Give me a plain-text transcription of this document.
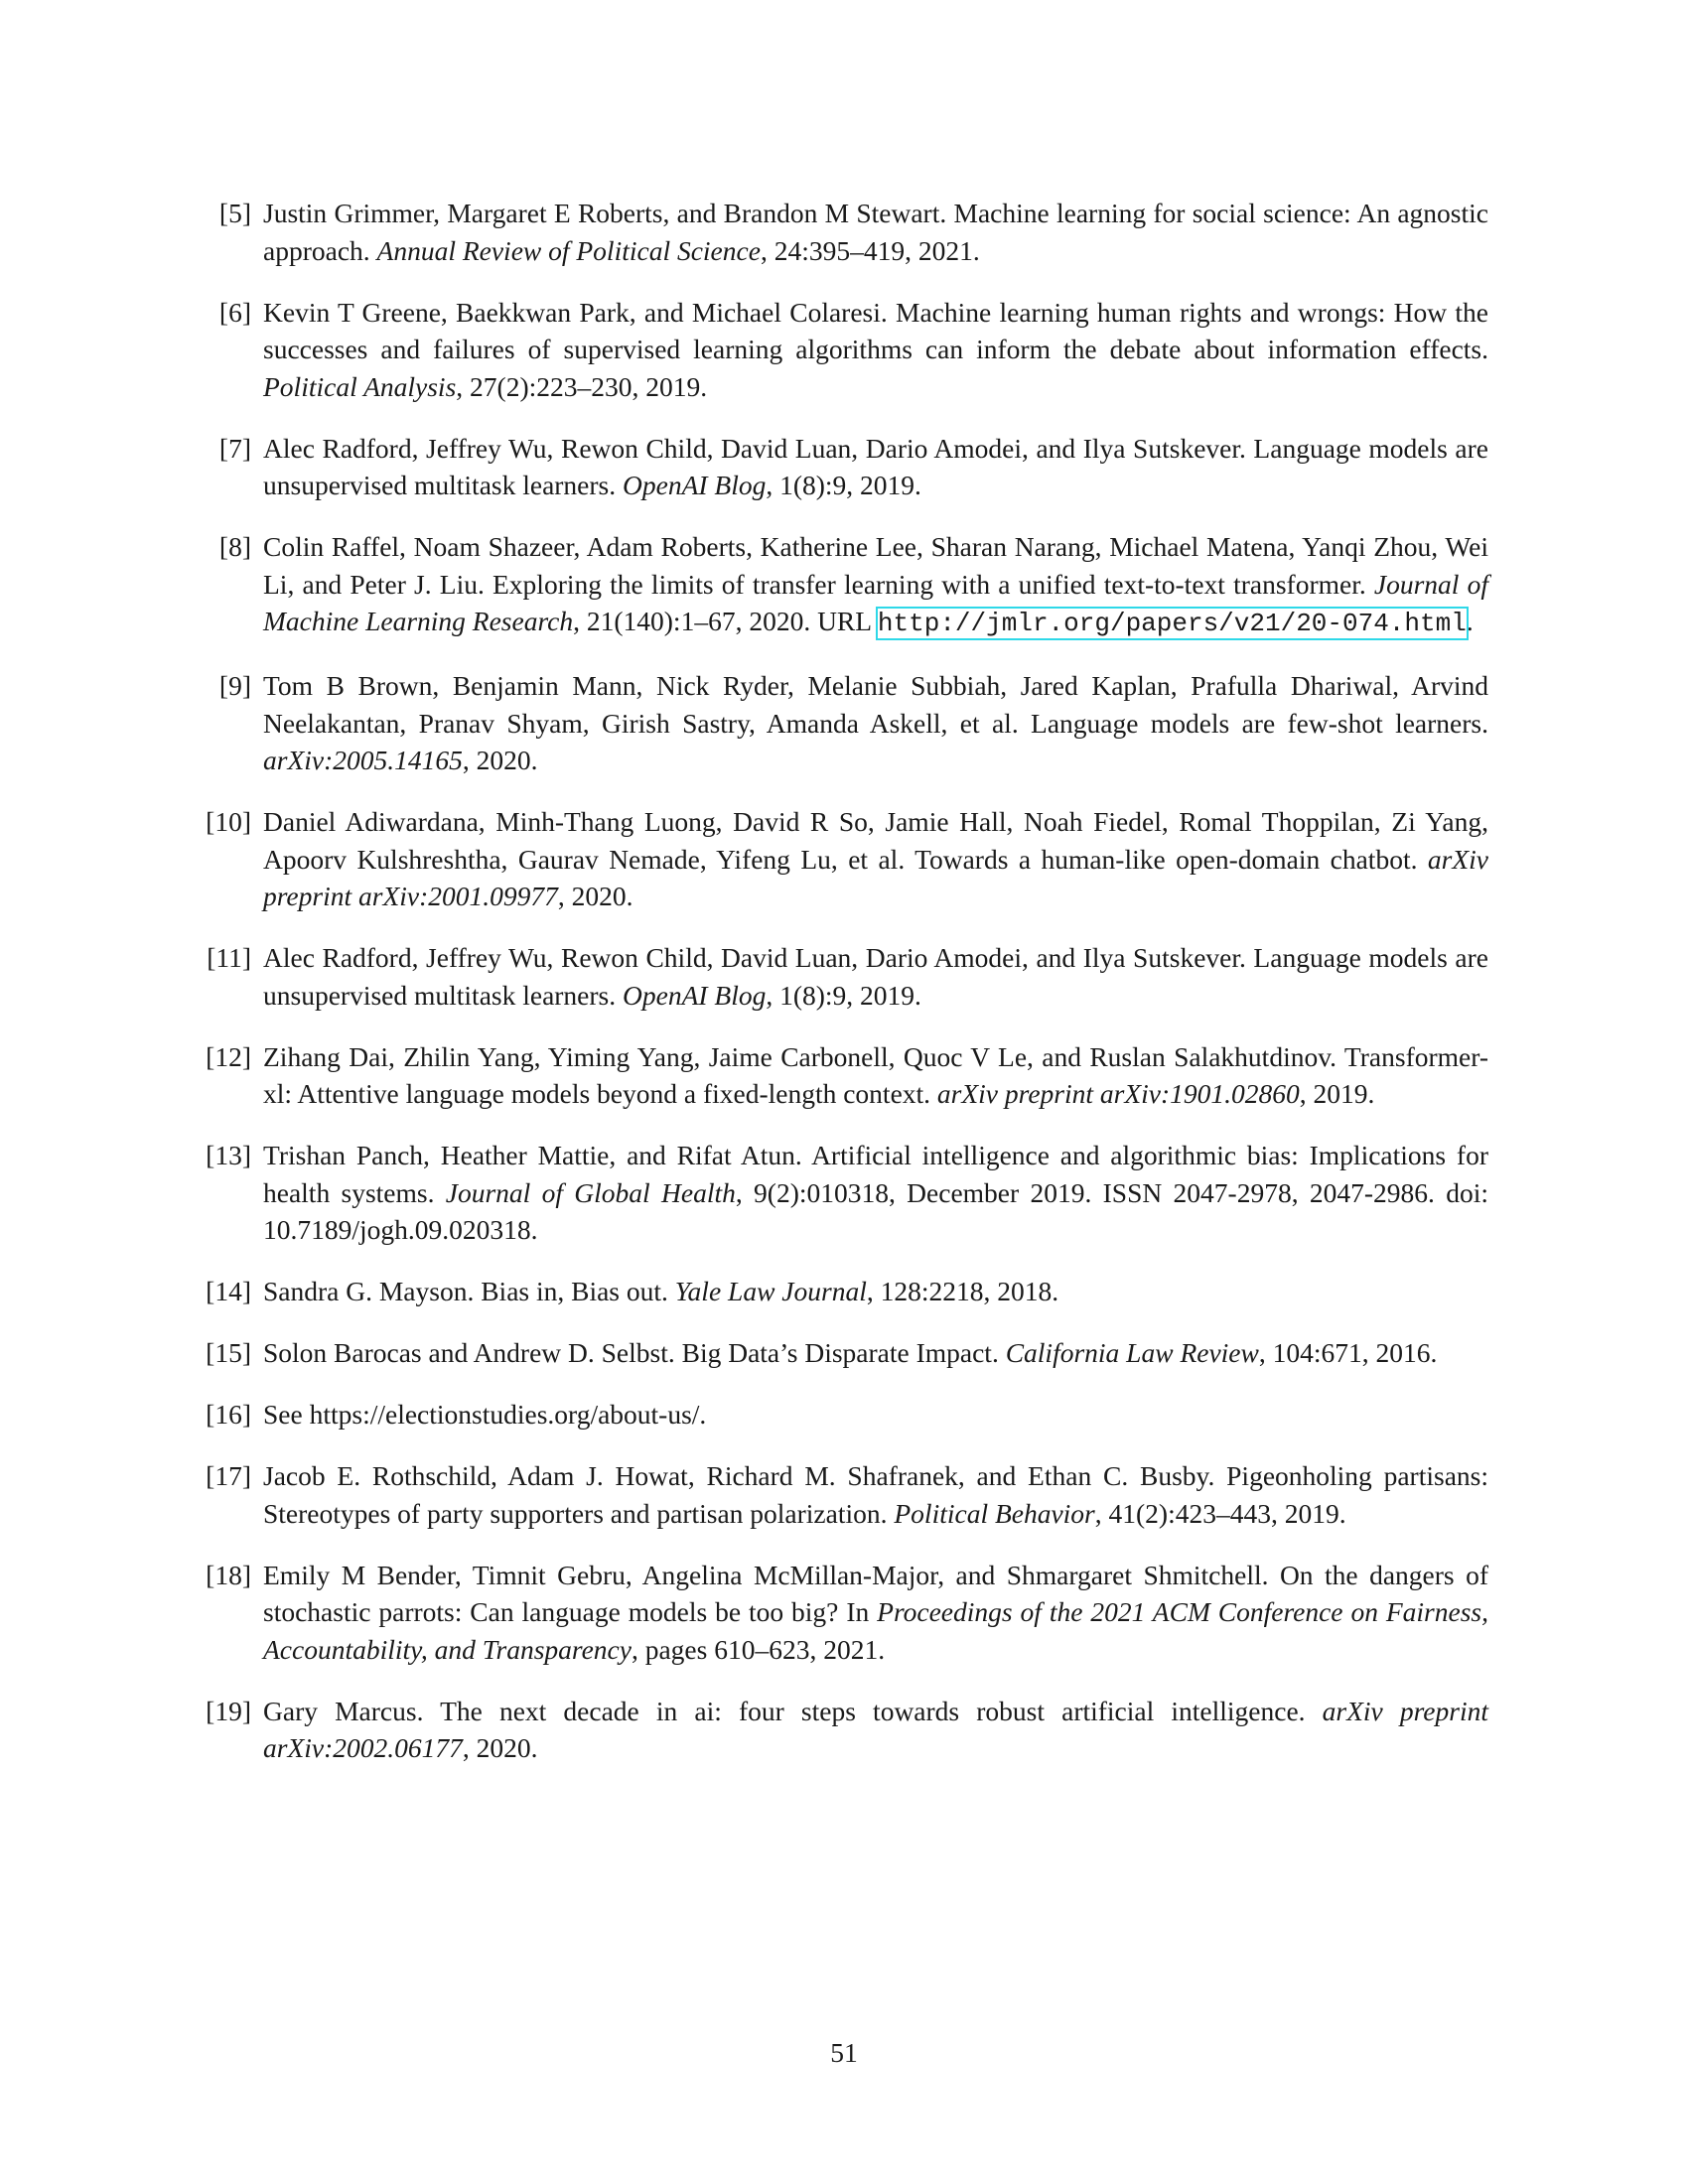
[5] Justin Grimmer, Margaret E Roberts, and Brandon M Stewart. Machine learning for social science: An agnostic approach. Annual Review of Political Science, 24:395–419, 2021.
[6] Kevin T Greene, Baekkwan Park, and Michael Colaresi. Machine learning human rights and wrongs: How the successes and failures of supervised learning algorithms can inform the debate about information effects. Political Analysis, 27(2):223–230, 2019.
[7] Alec Radford, Jeffrey Wu, Rewon Child, David Luan, Dario Amodei, and Ilya Sutskever. Language models are unsupervised multitask learners. OpenAI Blog, 1(8):9, 2019.
[8] Colin Raffel, Noam Shazeer, Adam Roberts, Katherine Lee, Sharan Narang, Michael Matena, Yanqi Zhou, Wei Li, and Peter J. Liu. Exploring the limits of transfer learning with a unified text-to-text transformer. Journal of Machine Learning Research, 21(140):1–67, 2020. URL http://jmlr.org/papers/v21/20-074.html.
[9] Tom B Brown, Benjamin Mann, Nick Ryder, Melanie Subbiah, Jared Kaplan, Prafulla Dhariwal, Arvind Neelakantan, Pranav Shyam, Girish Sastry, Amanda Askell, et al. Language models are few-shot learners. arXiv:2005.14165, 2020.
[10] Daniel Adiwardana, Minh-Thang Luong, David R So, Jamie Hall, Noah Fiedel, Romal Thoppilan, Zi Yang, Apoorv Kulshreshtha, Gaurav Nemade, Yifeng Lu, et al. Towards a human-like open-domain chatbot. arXiv preprint arXiv:2001.09977, 2020.
[11] Alec Radford, Jeffrey Wu, Rewon Child, David Luan, Dario Amodei, and Ilya Sutskever. Language models are unsupervised multitask learners. OpenAI Blog, 1(8):9, 2019.
[12] Zihang Dai, Zhilin Yang, Yiming Yang, Jaime Carbonell, Quoc V Le, and Ruslan Salakhutdinov. Transformer-xl: Attentive language models beyond a fixed-length context. arXiv preprint arXiv:1901.02860, 2019.
[13] Trishan Panch, Heather Mattie, and Rifat Atun. Artificial intelligence and algorithmic bias: Implications for health systems. Journal of Global Health, 9(2):010318, December 2019. ISSN 2047-2978, 2047-2986. doi: 10.7189/jogh.09.020318.
[14] Sandra G. Mayson. Bias in, Bias out. Yale Law Journal, 128:2218, 2018.
[15] Solon Barocas and Andrew D. Selbst. Big Data’s Disparate Impact. California Law Review, 104:671, 2016.
[16] See https://electionstudies.org/about-us/.
[17] Jacob E. Rothschild, Adam J. Howat, Richard M. Shafranek, and Ethan C. Busby. Pigeonholing partisans: Stereotypes of party supporters and partisan polarization. Political Behavior, 41(2):423–443, 2019.
[18] Emily M Bender, Timnit Gebru, Angelina McMillan-Major, and Shmargaret Shmitchell. On the dangers of stochastic parrots: Can language models be too big? In Proceedings of the 2021 ACM Conference on Fairness, Accountability, and Transparency, pages 610–623, 2021.
[19] Gary Marcus. The next decade in ai: four steps towards robust artificial intelligence. arXiv preprint arXiv:2002.06177, 2020.
51
